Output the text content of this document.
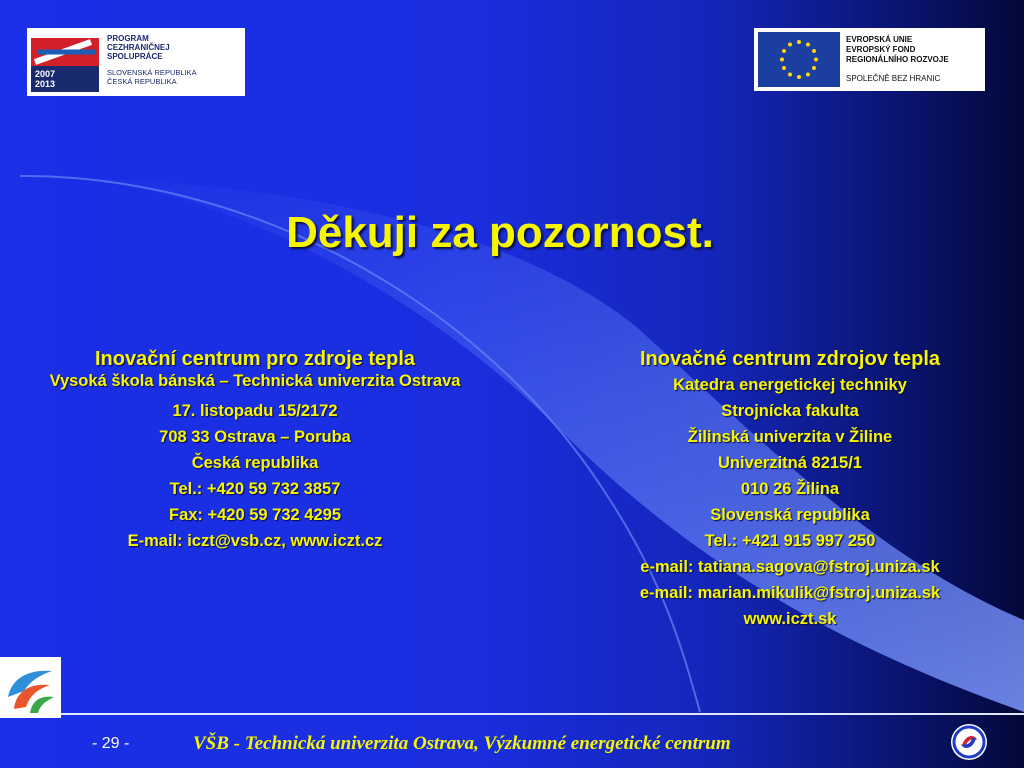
2007
2013
PROGRAM
CEZHRANIČNEJ
SPOLUPRÁCE
SLOVENSKÁ REPUBLIKA
ČESKÁ REPUBLIKA
EVROPSKÁ UNIE
EVROPSKÝ FOND
REGIONÁLNÍHO ROZVOJE
SPOLEČNĚ BEZ HRANIC
Děkuji za pozornost.
Inovační centrum pro zdroje tepla
Vysoká škola bánská – Technická univerzita Ostrava
17. listopadu 15/2172
708 33 Ostrava – Poruba
Česká republika
Tel.: +420 59 732 3857
Fax: +420 59 732 4295
E-mail: iczt@vsb.cz, www.iczt.cz
Inovačné centrum zdrojov tepla
Katedra energetickej techniky
Strojnícka fakulta
Žilinská univerzita v Žiline
Univerzitná 8215/1
010 26 Žilina
Slovenská republika
Tel.: +421 915 997 250
e-mail: tatiana.sagova@fstroj.uniza.sk
e-mail: marian.mikulik@fstroj.uniza.sk
www.iczt.sk
- 29 -	VŠB - Technická univerzita Ostrava, Výzkumné energetické centrum
